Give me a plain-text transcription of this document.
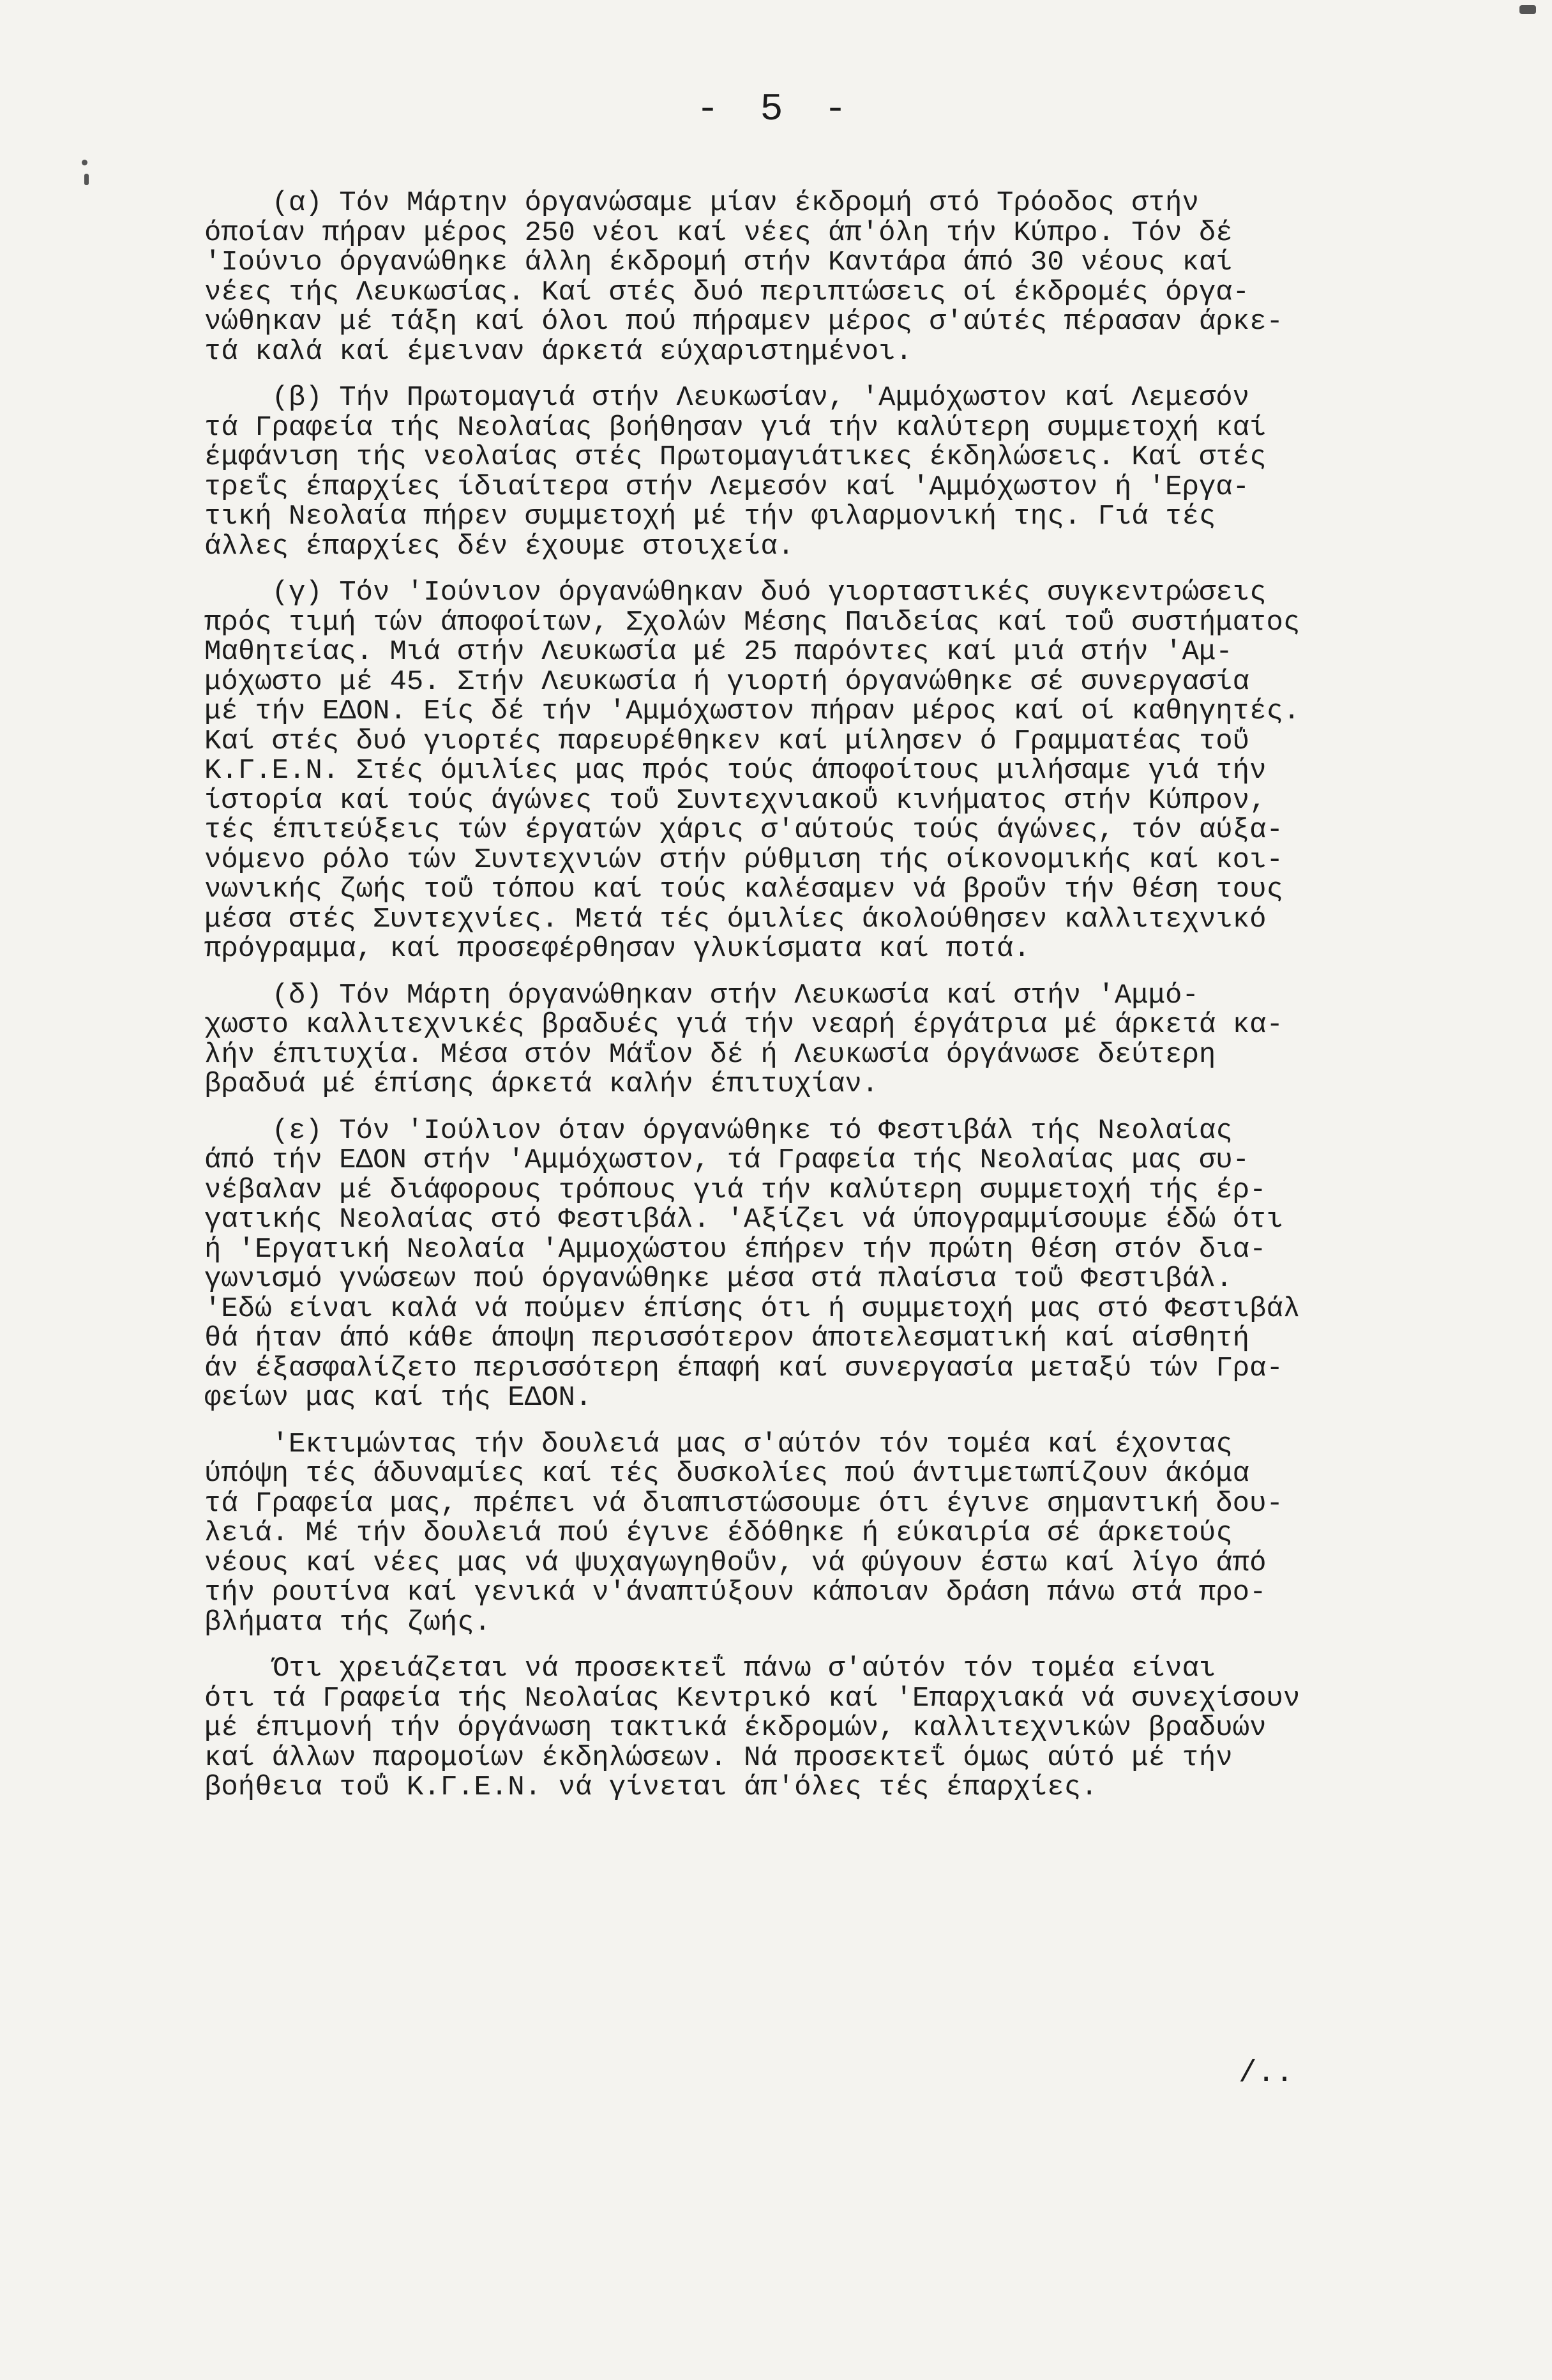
- 5 -
(α) Τόν Μάρτην όργανώσαμε μίαν έκδρομή στό Τρόοδος στήν
όποίαν πήραν μέρος 250 νέοι καί νέες άπ'όλη τήν Κύπρο. Τόν δέ
'Ιούνιο όργανώθηκε άλλη έκδρομή στήν Καντάρα άπό 30 νέους καί
νέες τής Λευκωσίας. Καί στές δυό περιπτώσεις οί έκδρομές όργα-
νώθηκαν μέ τάξη καί όλοι πού πήραμεν μέρος σ'αύτές πέρασαν άρκε-
τά καλά καί έμειναν άρκετά εύχαριστημένοι.
(β) Τήν Πρωτομαγιά στήν Λευκωσίαν, 'Αμμόχωστον καί Λεμεσόν
τά Γραφεία τής Νεολαίας βοήθησαν γιά τήν καλύτερη συμμετοχή καί
έμφάνιση τής νεολαίας στές Πρωτομαγιάτικες έκδηλώσεις. Καί στές
τρεΐς έπαρχίες ίδιαίτερα στήν Λεμεσόν καί 'Αμμόχωστον ή 'Εργα-
τική Νεολαία πήρεν συμμετοχή μέ τήν φιλαρμονική της. Γιά τές
άλλες έπαρχίες δέν έχουμε στοιχεία.
(γ) Τόν 'Ιούνιον όργανώθηκαν δυό γιορταστικές συγκεντρώσεις
πρός τιμή τών άποφοίτων, Σχολών Μέσης Παιδείας καί τοΰ συστήματος
Μαθητείας. Μιά στήν Λευκωσία μέ 25 παρόντες καί μιά στήν 'Αμ-
μόχωστο μέ 45. Στήν Λευκωσία ή γιορτή όργανώθηκε σέ συνεργασία
μέ τήν ΕΔΟΝ. Είς δέ τήν 'Αμμόχωστον πήραν μέρος καί οί καθηγητές.
Καί στές δυό γιορτές παρευρέθηκεν καί μίλησεν ό Γραμματέας τοΰ
Κ.Γ.Ε.Ν. Στές όμιλίες μας πρός τούς άποφοίτους μιλήσαμε γιά τήν
ίστορία καί τούς άγώνες τοΰ Συντεχνιακοΰ κινήματος στήν Κύπρον,
τές έπιτεύξεις τών έργατών χάρις σ'αύτούς τούς άγώνες, τόν αύξα-
νόμενο ρόλο τών Συντεχνιών στήν ρύθμιση τής οίκονομικής καί κοι-
νωνικής ζωής τοΰ τόπου καί τούς καλέσαμεν νά βροΰν τήν θέση τους
μέσα στές Συντεχνίες. Μετά τές όμιλίες άκολούθησεν καλλιτεχνικό
πρόγραμμα, καί προσεφέρθησαν γλυκίσματα καί ποτά.
(δ) Τόν Μάρτη όργανώθηκαν στήν Λευκωσία καί στήν 'Αμμό-
χωστο καλλιτεχνικές βραδυές γιά τήν νεαρή έργάτρια μέ άρκετά κα-
λήν έπιτυχία. Μέσα στόν Μάΐον δέ ή Λευκωσία όργάνωσε δεύτερη
βραδυά μέ έπίσης άρκετά καλήν έπιτυχίαν.
(ε) Τόν 'Ιούλιον όταν όργανώθηκε τό Φεστιβάλ τής Νεολαίας
άπό τήν ΕΔΟΝ στήν 'Αμμόχωστον, τά Γραφεία τής Νεολαίας μας συ-
νέβαλαν μέ διάφορους τρόπους γιά τήν καλύτερη συμμετοχή τής έρ-
γατικής Νεολαίας στό Φεστιβάλ. 'Αξίζει νά ύπογραμμίσουμε έδώ ότι
ή 'Εργατική Νεολαία 'Αμμοχώστου έπήρεν τήν πρώτη θέση στόν δια-
γωνισμό γνώσεων πού όργανώθηκε μέσα στά πλαίσια τοΰ Φεστιβάλ.
'Εδώ είναι καλά νά πούμεν έπίσης ότι ή συμμετοχή μας στό Φεστιβάλ
θά ήταν άπό κάθε άποψη περισσότερον άποτελεσματική καί αίσθητή
άν έξασφαλίζετο περισσότερη έπαφή καί συνεργασία μεταξύ τών Γρα-
φείων μας καί τής ΕΔΟΝ.
'Εκτιμώντας τήν δουλειά μας σ'αύτόν τόν τομέα καί έχοντας
ύπόψη τές άδυναμίες καί τές δυσκολίες πού άντιμετωπίζουν άκόμα
τά Γραφεία μας, πρέπει νά διαπιστώσουμε ότι έγινε σημαντική δου-
λειά. Μέ τήν δουλειά πού έγινε έδόθηκε ή εύκαιρία σέ άρκετούς
νέους καί νέες μας νά ψυχαγωγηθοΰν, νά φύγουν έστω καί λίγο άπό
τήν ρουτίνα καί γενικά ν'άναπτύξουν κάποιαν δράση πάνω στά προ-
βλήματα τής ζωής.
Ότι χρειάζεται νά προσεκτεΐ πάνω σ'αύτόν τόν τομέα είναι
ότι τά Γραφεία τής Νεολαίας Κεντρικό καί 'Επαρχιακά νά συνεχίσουν
μέ έπιμονή τήν όργάνωση τακτικά έκδρομών, καλλιτεχνικών βραδυών
καί άλλων παρομοίων έκδηλώσεων. Νά προσεκτεΐ όμως αύτό μέ τήν
βοήθεια τοΰ Κ.Γ.Ε.Ν. νά γίνεται άπ'όλες τές έπαρχίες.
/..
